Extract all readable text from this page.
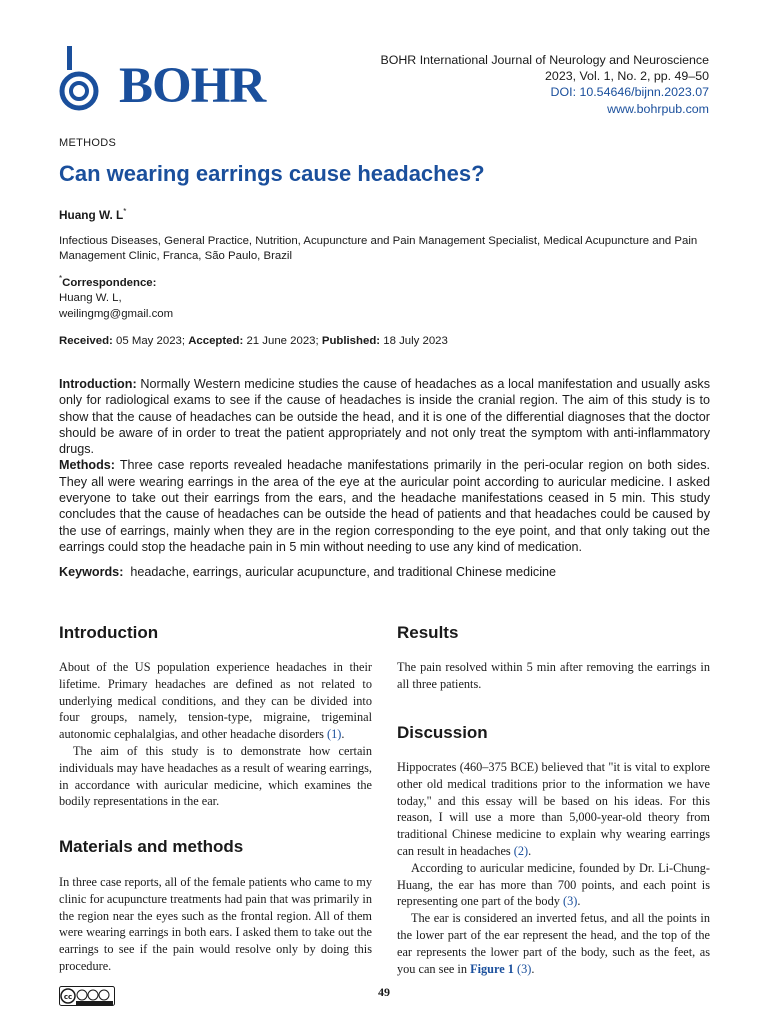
BOHR	BOHR International Journal of Neurology and Neuroscience
2023, Vol. 1, No. 2, pp. 49–50
DOI: 10.54646/bijnn.2023.07
www.bohrpub.com
METHODS
Can wearing earrings cause headaches?
Huang W. L*
Infectious Diseases, General Practice, Nutrition, Acupuncture and Pain Management Specialist, Medical Acupuncture and Pain Management Clinic, Franca, São Paulo, Brazil
*Correspondence:
Huang W. L,
weilingmg@gmail.com
Received: 05 May 2023; Accepted: 21 June 2023; Published: 18 July 2023

Introduction: Normally Western medicine studies the cause of headaches as a local manifestation and usually asks only for radiological exams to see if the cause of headaches is inside the cranial region. The aim of this study is to show that the cause of headaches can be outside the head, and it is one of the differential diagnoses that the doctor should be aware of in order to treat the patient appropriately and not only treat the symptom with anti-inflammatory drugs.

Methods: Three case reports revealed headache manifestations primarily in the peri-ocular region on both sides. They all were wearing earrings in the area of the eye at the auricular point according to auricular medicine. I asked everyone to take out their earrings from the ears, and the headache manifestations ceased in 5 min. This study concludes that the cause of headaches can be outside the head of patients and that headaches could be caused by the use of earrings, mainly when they are in the region corresponding to the eye point, and that only taking out the earrings could stop the headache pain in 5 min without needing to use any kind of medication.

Keywords: headache, earrings, auricular acupuncture, and traditional Chinese medicine
Introduction

About of the US population experience headaches in their lifetime. Primary headaches are defined as not related to underlying medical conditions, and they can be divided into four groups, namely, tension-type, migraine, trigeminal autonomic cephalalgias, and other headache disorders (1).

The aim of this study is to demonstrate how certain individuals may have headaches as a result of wearing earrings, in accordance with auricular medicine, which examines the bodily representations in the ear.

Materials and methods

In three case reports, all of the female patients who came to my clinic for acupuncture treatments had pain that was primarily in the region near the eyes such as the frontal region. All of them were wearing earrings in both ears. I asked them to take out the earrings to see if the pain would resolve only by doing this procedure.

Results

The pain resolved within 5 min after removing the earrings in all three patients.

Discussion

Hippocrates (460–375 BCE) believed that "it is vital to explore other old medical traditions prior to the information we have today," and this essay will be based on his ideas. For this reason, I will use a more than 5,000-year-old theory from traditional Chinese medicine to explain why wearing earrings can result in headaches (2).

According to auricular medicine, founded by Dr. Li-Chung-Huang, the ear has more than 700 points, and each point is representing one part of the body (3).

The ear is considered an inverted fetus, and all the points in the lower part of the ear represent the head, and the top of the ear represents the lower part of the body, such as the feet, as you can see in Figure 1 (3).

cc	49
